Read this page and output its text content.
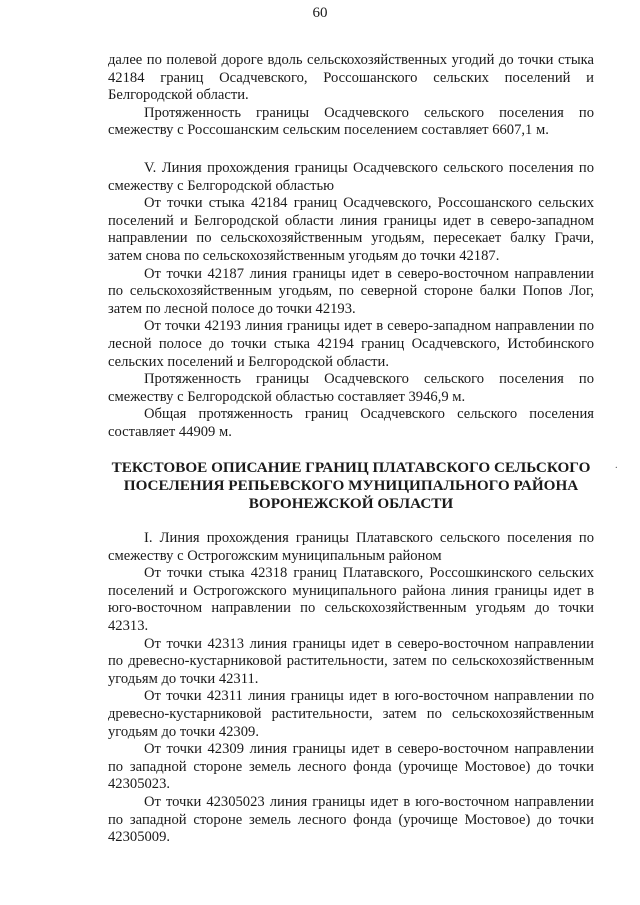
60

далее по полевой дороге вдоль сельскохозяйственных угодий до точки стыка 42184 границ Осадчевского, Россошанского сельских поселений и Белгородской области.

Протяженность границы Осадчевского сельского поселения по смежеству с Россошанским сельским поселением составляет 6607,1 м.

V. Линия прохождения границы Осадчевского сельского поселения по смежеству с Белгородской областью

От точки стыка 42184 границ Осадчевского, Россошанского сельских поселений и Белгородской области линия границы идет в северо-западном направлении по сельскохозяйственным угодьям, пересекает балку Грачи, затем снова по сельскохозяйственным угодьям до точки 42187.

От точки 42187 линия границы идет в северо-восточном направлении по сельскохозяйственным угодьям, по северной стороне балки Попов Лог, затем по лесной полосе до точки 42193.

От точки 42193 линия границы идет в северо-западном направлении по лесной полосе до точки стыка 42194 границ Осадчевского, Истобинского сельских поселений и Белгородской области.

Протяженность границы Осадчевского сельского поселения по смежеству с Белгородской областью составляет 3946,9 м.

Общая протяженность границ Осадчевского сельского поселения составляет 44909 м.

ТЕКСТОВОЕ ОПИСАНИЕ ГРАНИЦ ПЛАТАВСКОГО СЕЛЬСКОГО
ПОСЕЛЕНИЯ РЕПЬЕВСКОГО МУНИЦИПАЛЬНОГО РАЙОНА
ВОРОНЕЖСКОЙ ОБЛАСТИ
·

I. Линия прохождения границы Платавского сельского поселения по смежеству с Острогожским муниципальным районом

От точки стыка 42318 границ Платавского, Россошкинского сельских поселений и Острогожского муниципального района линия границы идет в юго-восточном направлении по сельскохозяйственным угодьям до точки 42313.

От точки 42313 линия границы идет в северо-восточном направлении по древесно-кустарниковой растительности, затем по сельскохозяйственным угодьям до точки 42311.

От точки 42311 линия границы идет в юго-восточном направлении по древесно-кустарниковой растительности, затем по сельскохозяйственным угодьям до точки 42309.

От точки 42309 линия границы идет в северо-восточном направлении по западной стороне земель лесного фонда (урочище Мостовое) до точки 42305023.

От точки 42305023 линия границы идет в юго-восточном направлении по западной стороне земель лесного фонда (урочище Мостовое) до точки 42305009.
